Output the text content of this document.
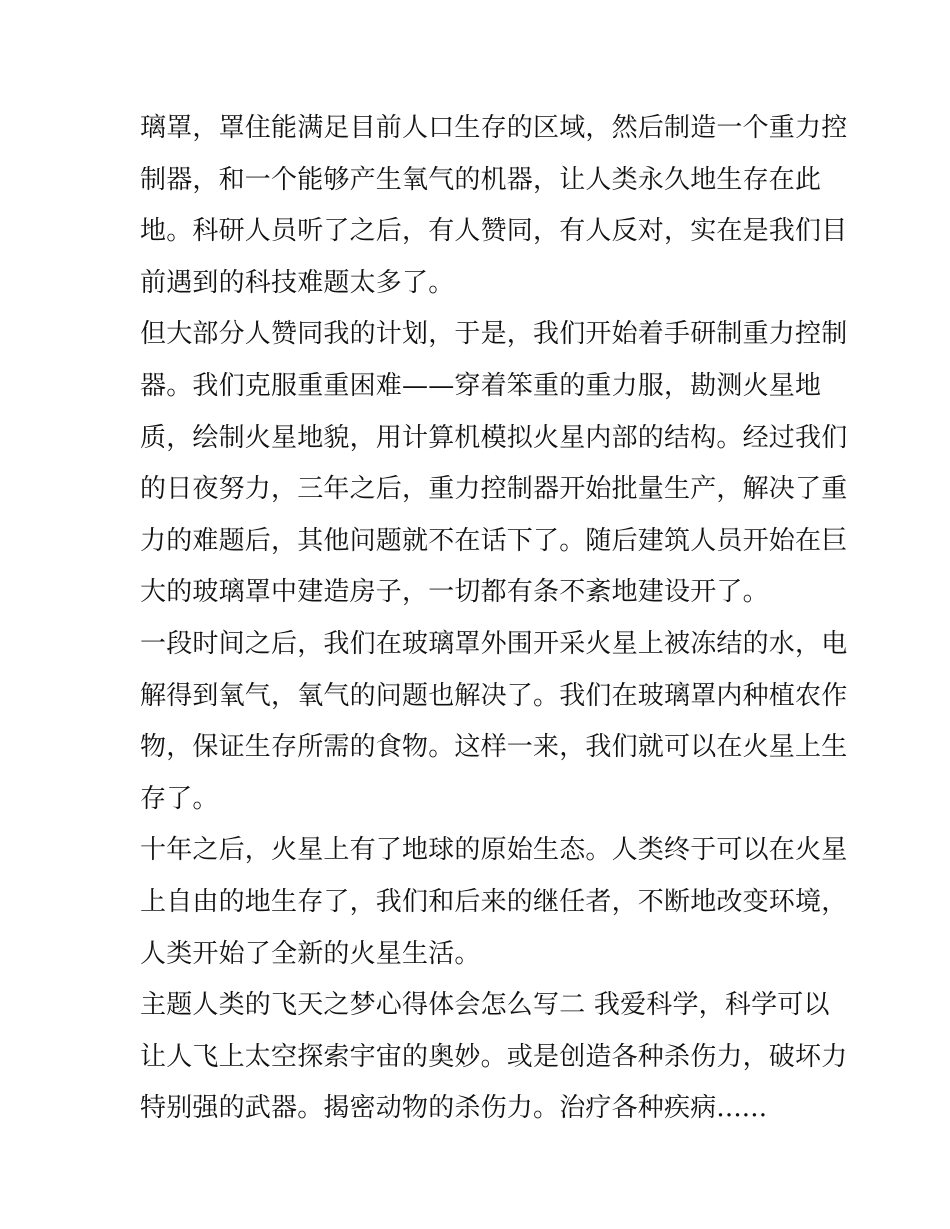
璃罩，罩住能满足目前人口生存的区域，然后制造一个重力控
制器，和一个能够产生氧气的机器，让人类永久地生存在此
地。科研人员听了之后，有人赞同，有人反对，实在是我们目
前遇到的科技难题太多了。
但大部分人赞同我的计划，于是，我们开始着手研制重力控制
器。我们克服重重困难——穿着笨重的重力服，勘测火星地
质，绘制火星地貌，用计算机模拟火星内部的结构。经过我们
的日夜努力，三年之后，重力控制器开始批量生产，解决了重
力的难题后，其他问题就不在话下了。随后建筑人员开始在巨
大的玻璃罩中建造房子，一切都有条不紊地建设开了。
一段时间之后，我们在玻璃罩外围开采火星上被冻结的水，电
解得到氧气，氧气的问题也解决了。我们在玻璃罩内种植农作
物，保证生存所需的食物。这样一来，我们就可以在火星上生
存了。
十年之后，火星上有了地球的原始生态。人类终于可以在火星
上自由的地生存了，我们和后来的继任者，不断地改变环境，
人类开始了全新的火星生活。
主题人类的飞天之梦心得体会怎么写二 我爱科学，科学可以
让人飞上太空探索宇宙的奥妙。或是创造各种杀伤力，破坏力
特别强的武器。揭密动物的杀伤力。治疗各种疾病......
